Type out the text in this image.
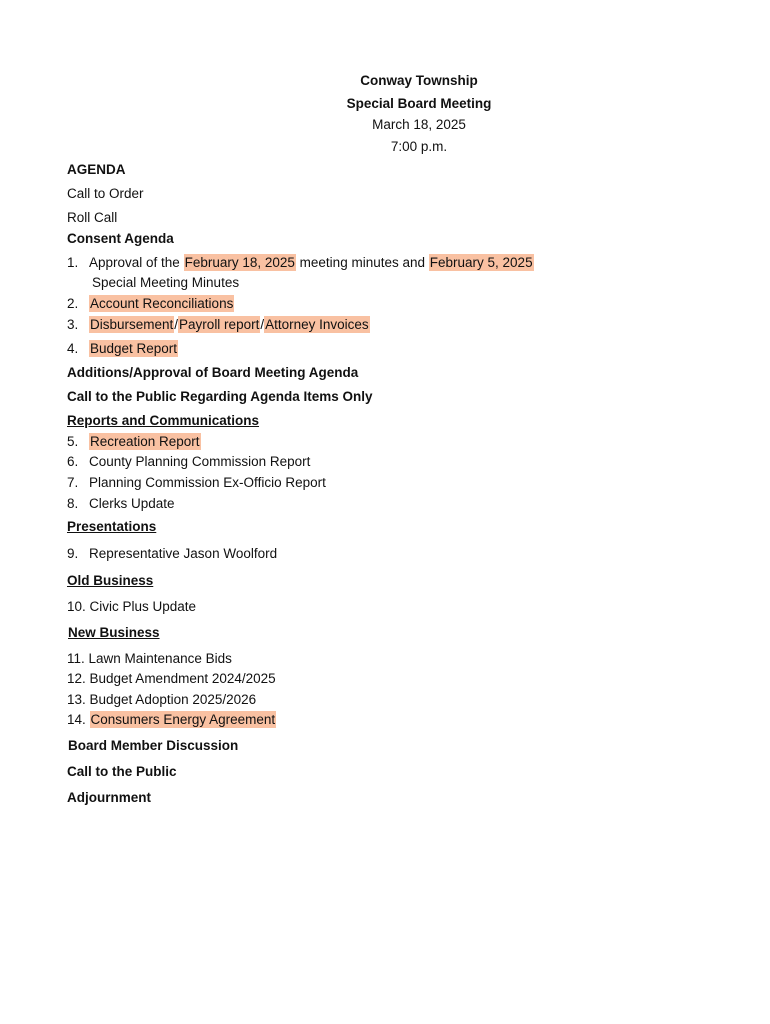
Conway Township
Special Board Meeting
March 18, 2025
7:00 p.m.
AGENDA
Call to Order
Roll Call
Consent Agenda
1. Approval of the February 18, 2025 meeting minutes and February 5, 2025
Special Meeting Minutes
2. Account Reconciliations
3. Disbursement/Payroll report/Attorney Invoices
4. Budget Report
Additions/Approval of Board Meeting Agenda
Call to the Public Regarding Agenda Items Only
Reports and Communications
5. Recreation Report
6. County Planning Commission Report
7. Planning Commission Ex-Officio Report
8. Clerks Update
Presentations
9. Representative Jason Woolford
Old Business
10. Civic Plus Update
New Business
11. Lawn Maintenance Bids
12. Budget Amendment 2024/2025
13. Budget Adoption 2025/2026
14. Consumers Energy Agreement
Board Member Discussion
Call to the Public
Adjournment
